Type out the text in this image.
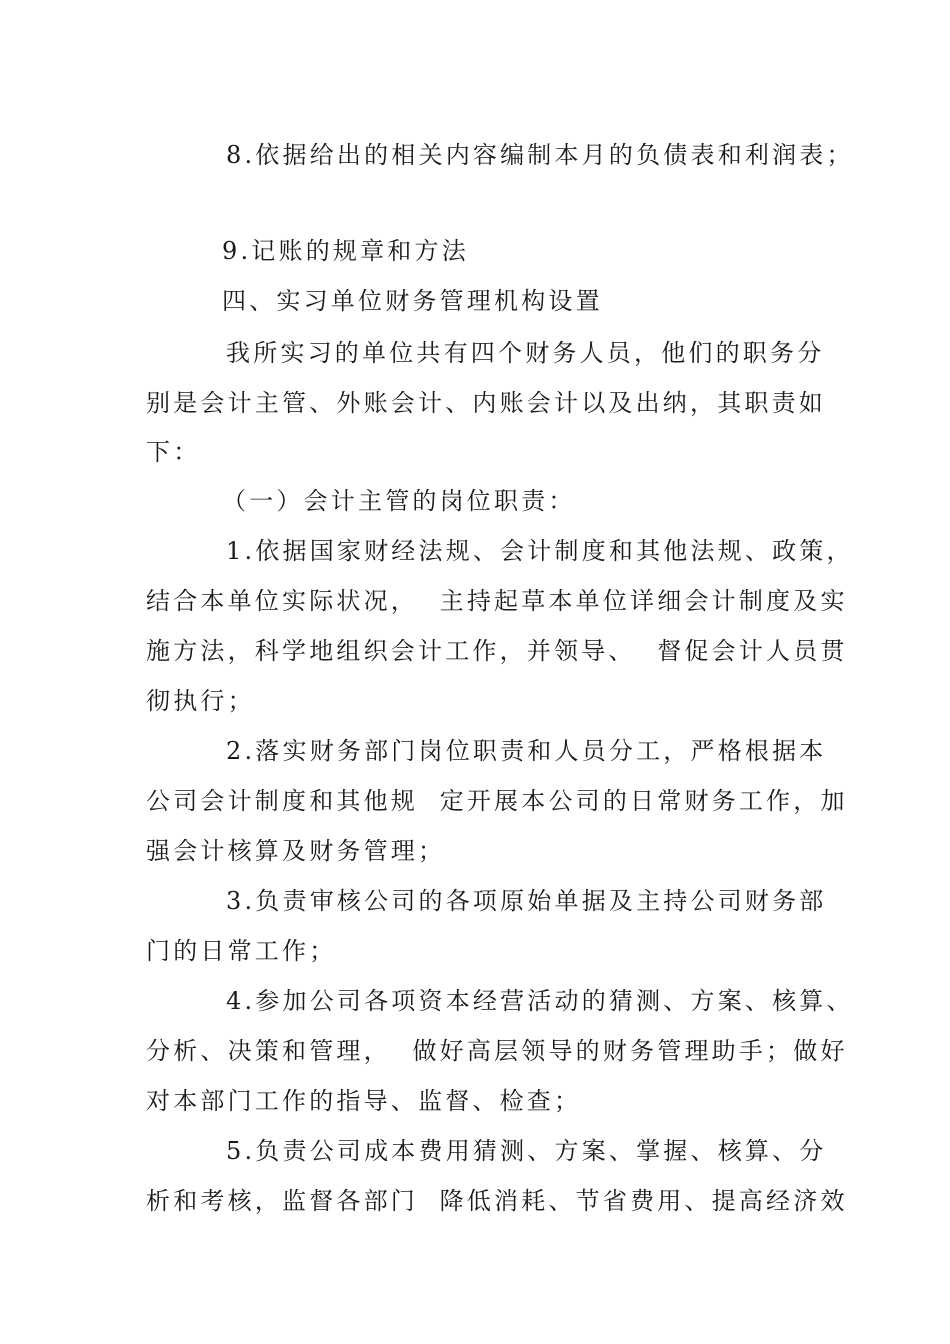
8.依据给出的相关内容编制本月的负债表和利润表；
9.记账的规章和方法
四、实习单位财务管理机构设置
我所实习的单位共有四个财务人员，他们的职务分
别是会计主管、外账会计、内账会计以及出纳，其职责如
下：
（一）会计主管的岗位职责：
1.依据国家财经法规、会计制度和其他法规、政策，
结合本单位实际状况，  主持起草本单位详细会计制度及实
施方法，科学地组织会计工作，并领导、  督促会计人员贯
彻执行；
2.落实财务部门岗位职责和人员分工，严格根据本
公司会计制度和其他规  定开展本公司的日常财务工作，加
强会计核算及财务管理；
3.负责审核公司的各项原始单据及主持公司财务部
门的日常工作；
4.参加公司各项资本经营活动的猜测、方案、核算、
分析、决策和管理，  做好高层领导的财务管理助手；做好
对本部门工作的指导、监督、检查；
5.负责公司成本费用猜测、方案、掌握、核算、分
析和考核，监督各部门  降低消耗、节省费用、提高经济效
